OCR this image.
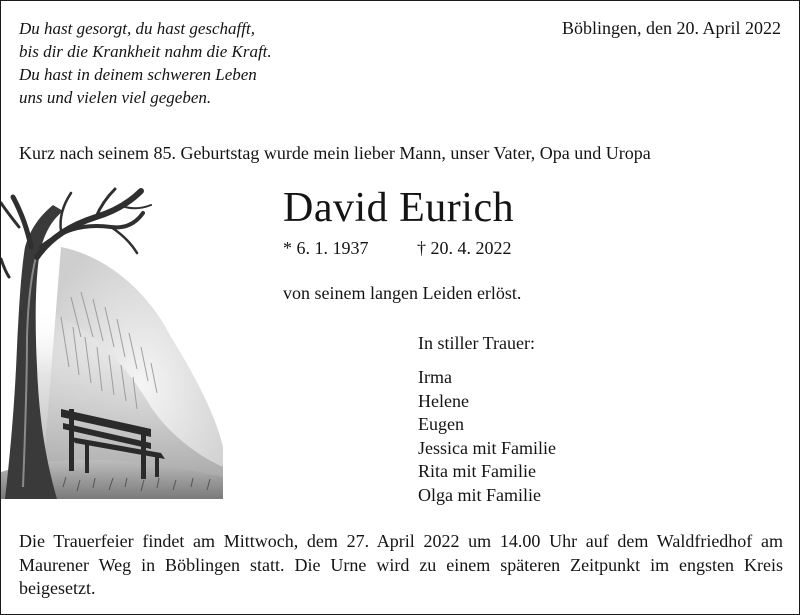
Du hast gesorgt, du hast geschafft,
bis dir die Krankheit nahm die Kraft.
Du hast in deinem schweren Leben
uns und vielen viel gegeben.
Böblingen, den 20. April 2022
Kurz nach seinem 85. Geburtstag wurde mein lieber Mann, unser Vater, Opa und Uropa
David Eurich
* 6. 1. 1937	† 20. 4. 2022
von seinem langen Leiden erlöst.
In stiller Trauer:
Irma
Helene
Eugen
Jessica mit Familie
Rita mit Familie
Olga mit Familie
Die Trauerfeier findet am Mittwoch, dem 27. April 2022 um 14.00 Uhr auf dem Waldfriedhof am Maurener Weg in Böblingen statt. Die Urne wird zu einem späteren Zeitpunkt im engsten Kreis beigesetzt.
